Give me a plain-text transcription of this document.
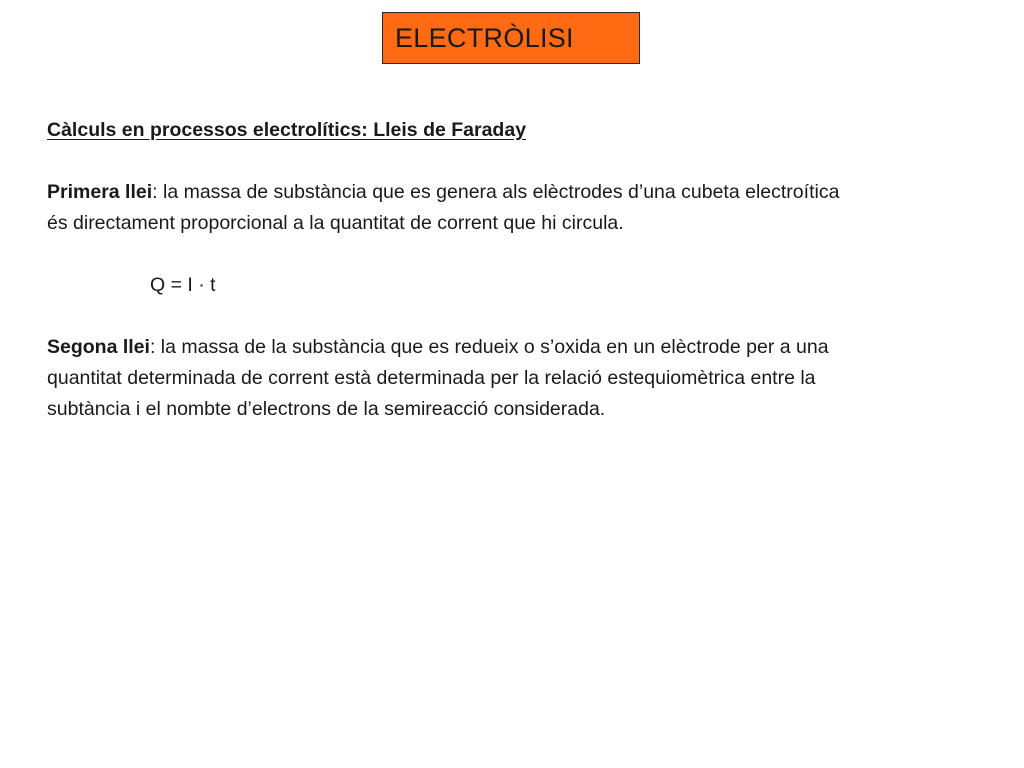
ELECTRÒLISI
Càlculs en processos electrolítics: Lleis de Faraday
Primera llei: la massa de substància que es genera als elèctrodes d’una cubeta electroítica
és directament proporcional a la quantitat de corrent que hi circula.
Q = I · t
Segona llei: la massa de la substància que es redueix o s’oxida en un elèctrode per a una
quantitat determinada de corrent està determinada per la relació estequiomètrica entre la
subtància i el nombte d’electrons de la semireacció considerada.
